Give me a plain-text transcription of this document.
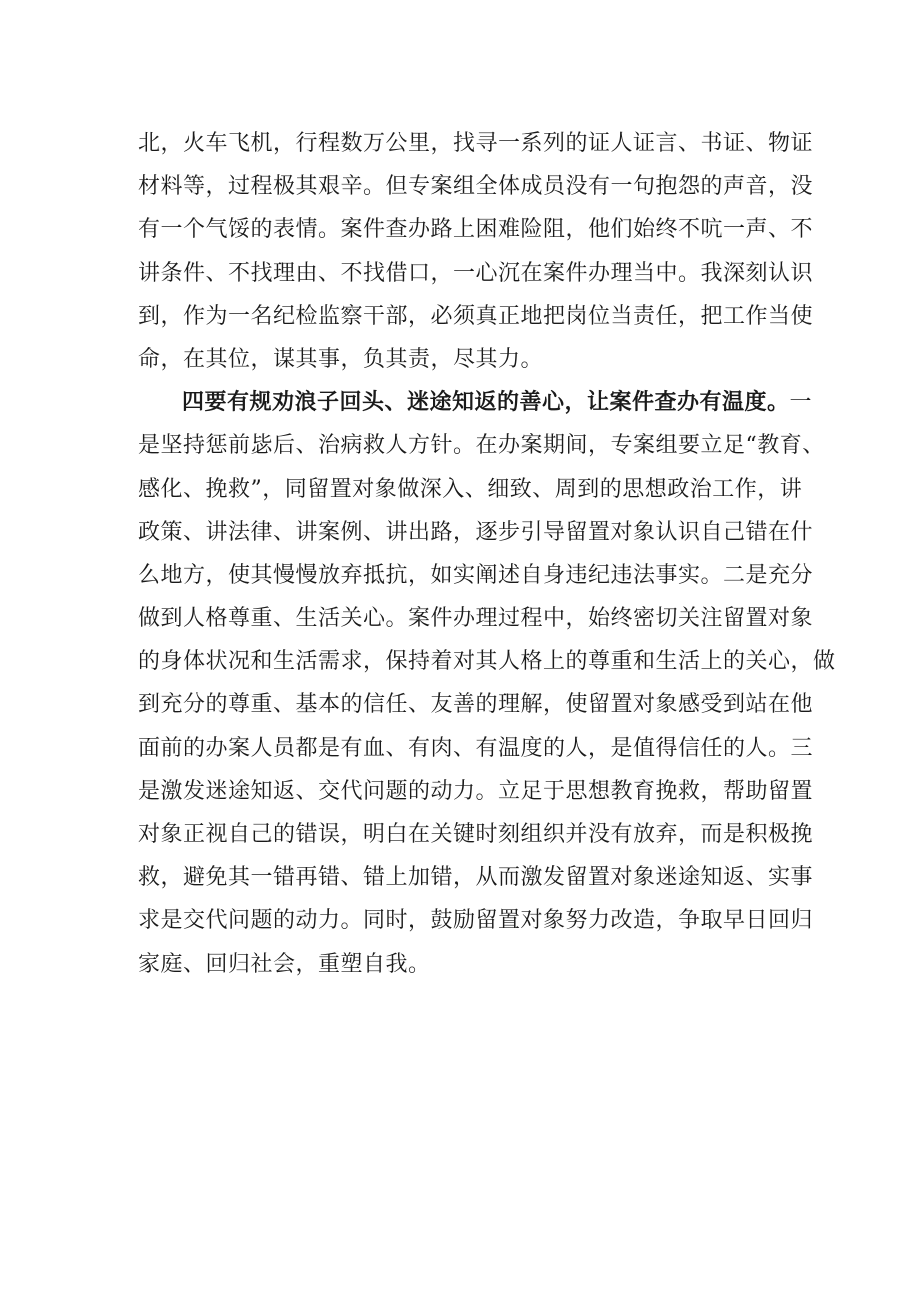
北，火车飞机，行程数万公里，找寻一系列的证人证言、书证、物证
材料等，过程极其艰辛。但专案组全体成员没有一句抱怨的声音，没
有一个气馁的表情。案件查办路上困难险阻，他们始终不吭一声、不
讲条件、不找理由、不找借口，一心沉在案件办理当中。我深刻认识
到，作为一名纪检监察干部，必须真正地把岗位当责任，把工作当使
命，在其位，谋其事，负其责，尽其力。
四要有规劝浪子回头、迷途知返的善心，让案件查办有温度。一
是坚持惩前毖后、治病救人方针。在办案期间，专案组要立足“教育、
感化、挽救”，同留置对象做深入、细致、周到的思想政治工作，讲
政策、讲法律、讲案例、讲出路，逐步引导留置对象认识自己错在什
么地方，使其慢慢放弃抵抗，如实阐述自身违纪违法事实。二是充分
做到人格尊重、生活关心。案件办理过程中，始终密切关注留置对象
的身体状况和生活需求，保持着对其人格上的尊重和生活上的关心，做
到充分的尊重、基本的信任、友善的理解，使留置对象感受到站在他
面前的办案人员都是有血、有肉、有温度的人，是值得信任的人。三
是激发迷途知返、交代问题的动力。立足于思想教育挽救，帮助留置
对象正视自己的错误，明白在关键时刻组织并没有放弃，而是积极挽
救，避免其一错再错、错上加错，从而激发留置对象迷途知返、实事
求是交代问题的动力。同时，鼓励留置对象努力改造，争取早日回归
家庭、回归社会，重塑自我。
